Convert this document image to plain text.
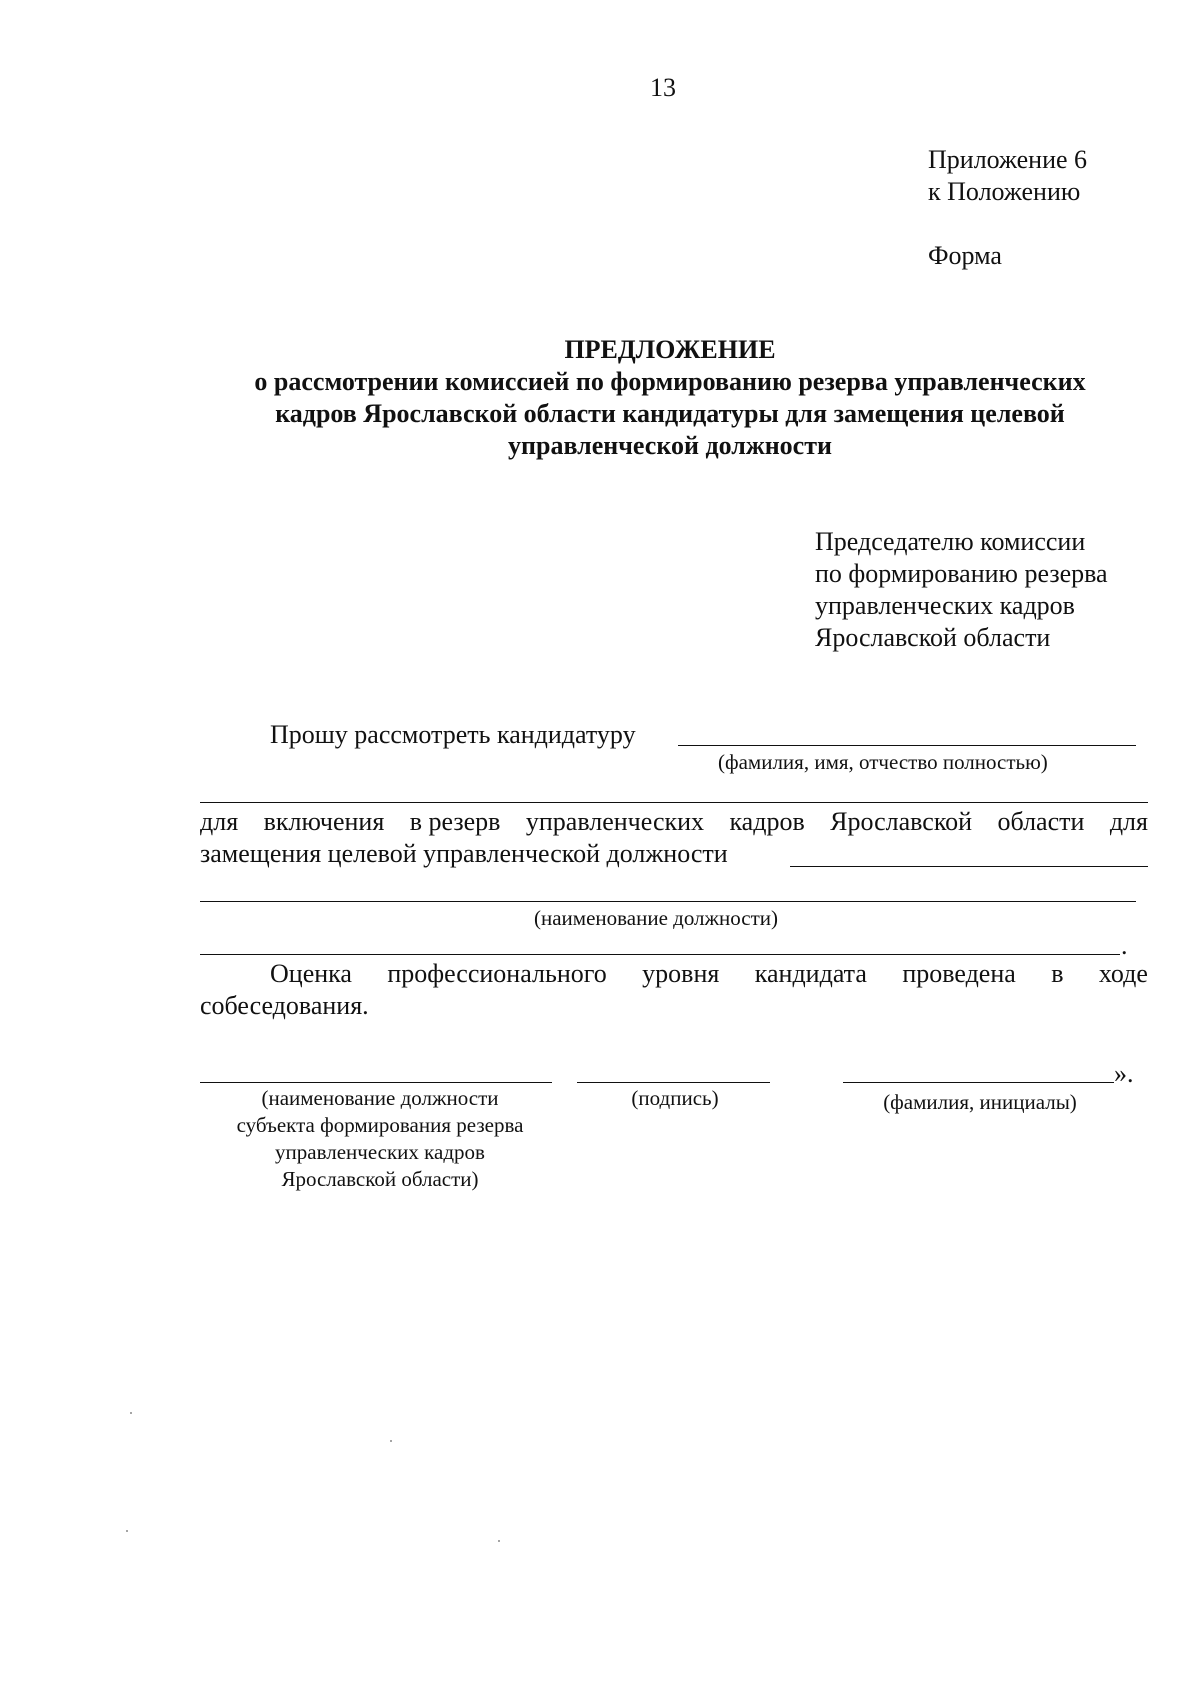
13
Приложение 6
к Положению
Форма
ПРЕДЛОЖЕНИЕ
о рассмотрении комиссией по формированию резерва управленческих
кадров Ярославской области кандидатуры для замещения целевой
управленческой должности
Председателю комиссии
по формированию резерва
управленческих кадров
Ярославской области
Прошу рассмотреть кандидатуру
(фамилия, имя, отчество полностью)
для включения в резерв управленческих кадров Ярославской области для
замещения целевой управленческой должности
(наименование должности)
.
Оценка профессионального уровня кандидата проведена в ходе
собеседования.
».
(наименование должности
субъекта формирования резерва
управленческих кадров
Ярославской области)
(подпись)	(фамилия, инициалы)
